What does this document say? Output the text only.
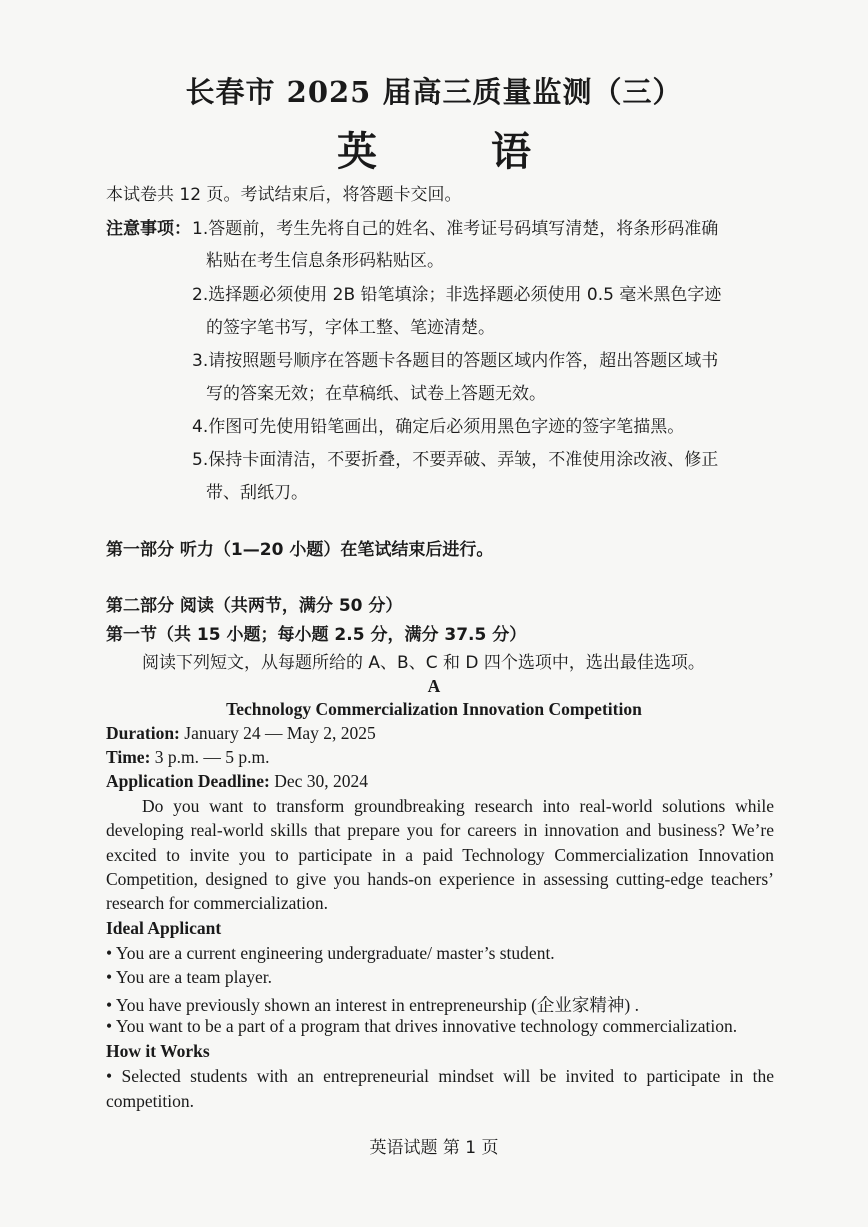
长春市 2025 届高三质量监测（三）
英 语
本试卷共 12 页。考试结束后，将答题卡交回。
注意事项： 1.答题前，考生先将自己的姓名、准考证号码填写清楚，将条形码准确
粘贴在考生信息条形码粘贴区。
2.选择题必须使用 2B 铅笔填涂；非选择题必须使用 0.5 毫米黑色字迹
的签字笔书写，字体工整、笔迹清楚。
3.请按照题号顺序在答题卡各题目的答题区域内作答，超出答题区域书
写的答案无效；在草稿纸、试卷上答题无效。
4.作图可先使用铅笔画出，确定后必须用黑色字迹的签字笔描黑。
5.保持卡面清洁，不要折叠，不要弄破、弄皱，不准使用涂改液、修正
带、刮纸刀。
第一部分 听力（1—20 小题）在笔试结束后进行。
第二部分 阅读（共两节，满分 50 分）
第一节（共 15 小题；每小题 2.5 分，满分 37.5 分）
阅读下列短文，从每题所给的 A、B、C 和 D 四个选项中，选出最佳选项。
A
Technology Commercialization Innovation Competition
Duration: January 24 — May 2, 2025
Time: 3 p.m. — 5 p.m.
Application Deadline: Dec 30, 2024
Do you want to transform groundbreaking research into real-world solutions while
developing real-world skills that prepare you for careers in innovation and business? We’re
excited to invite you to participate in a paid Technology Commercialization Innovation
Competition, designed to give you hands-on experience in assessing cutting-edge teachers’
research for commercialization.
Ideal Applicant
• You are a current engineering undergraduate/ master’s student.
• You are a team player.
• You have previously shown an interest in entrepreneurship (企业家精神) .
• You want to be a part of a program that drives innovative technology commercialization.
How it Works
• Selected students with an entrepreneurial mindset will be invited to participate in the
competition.
英语试题 第 1 页
